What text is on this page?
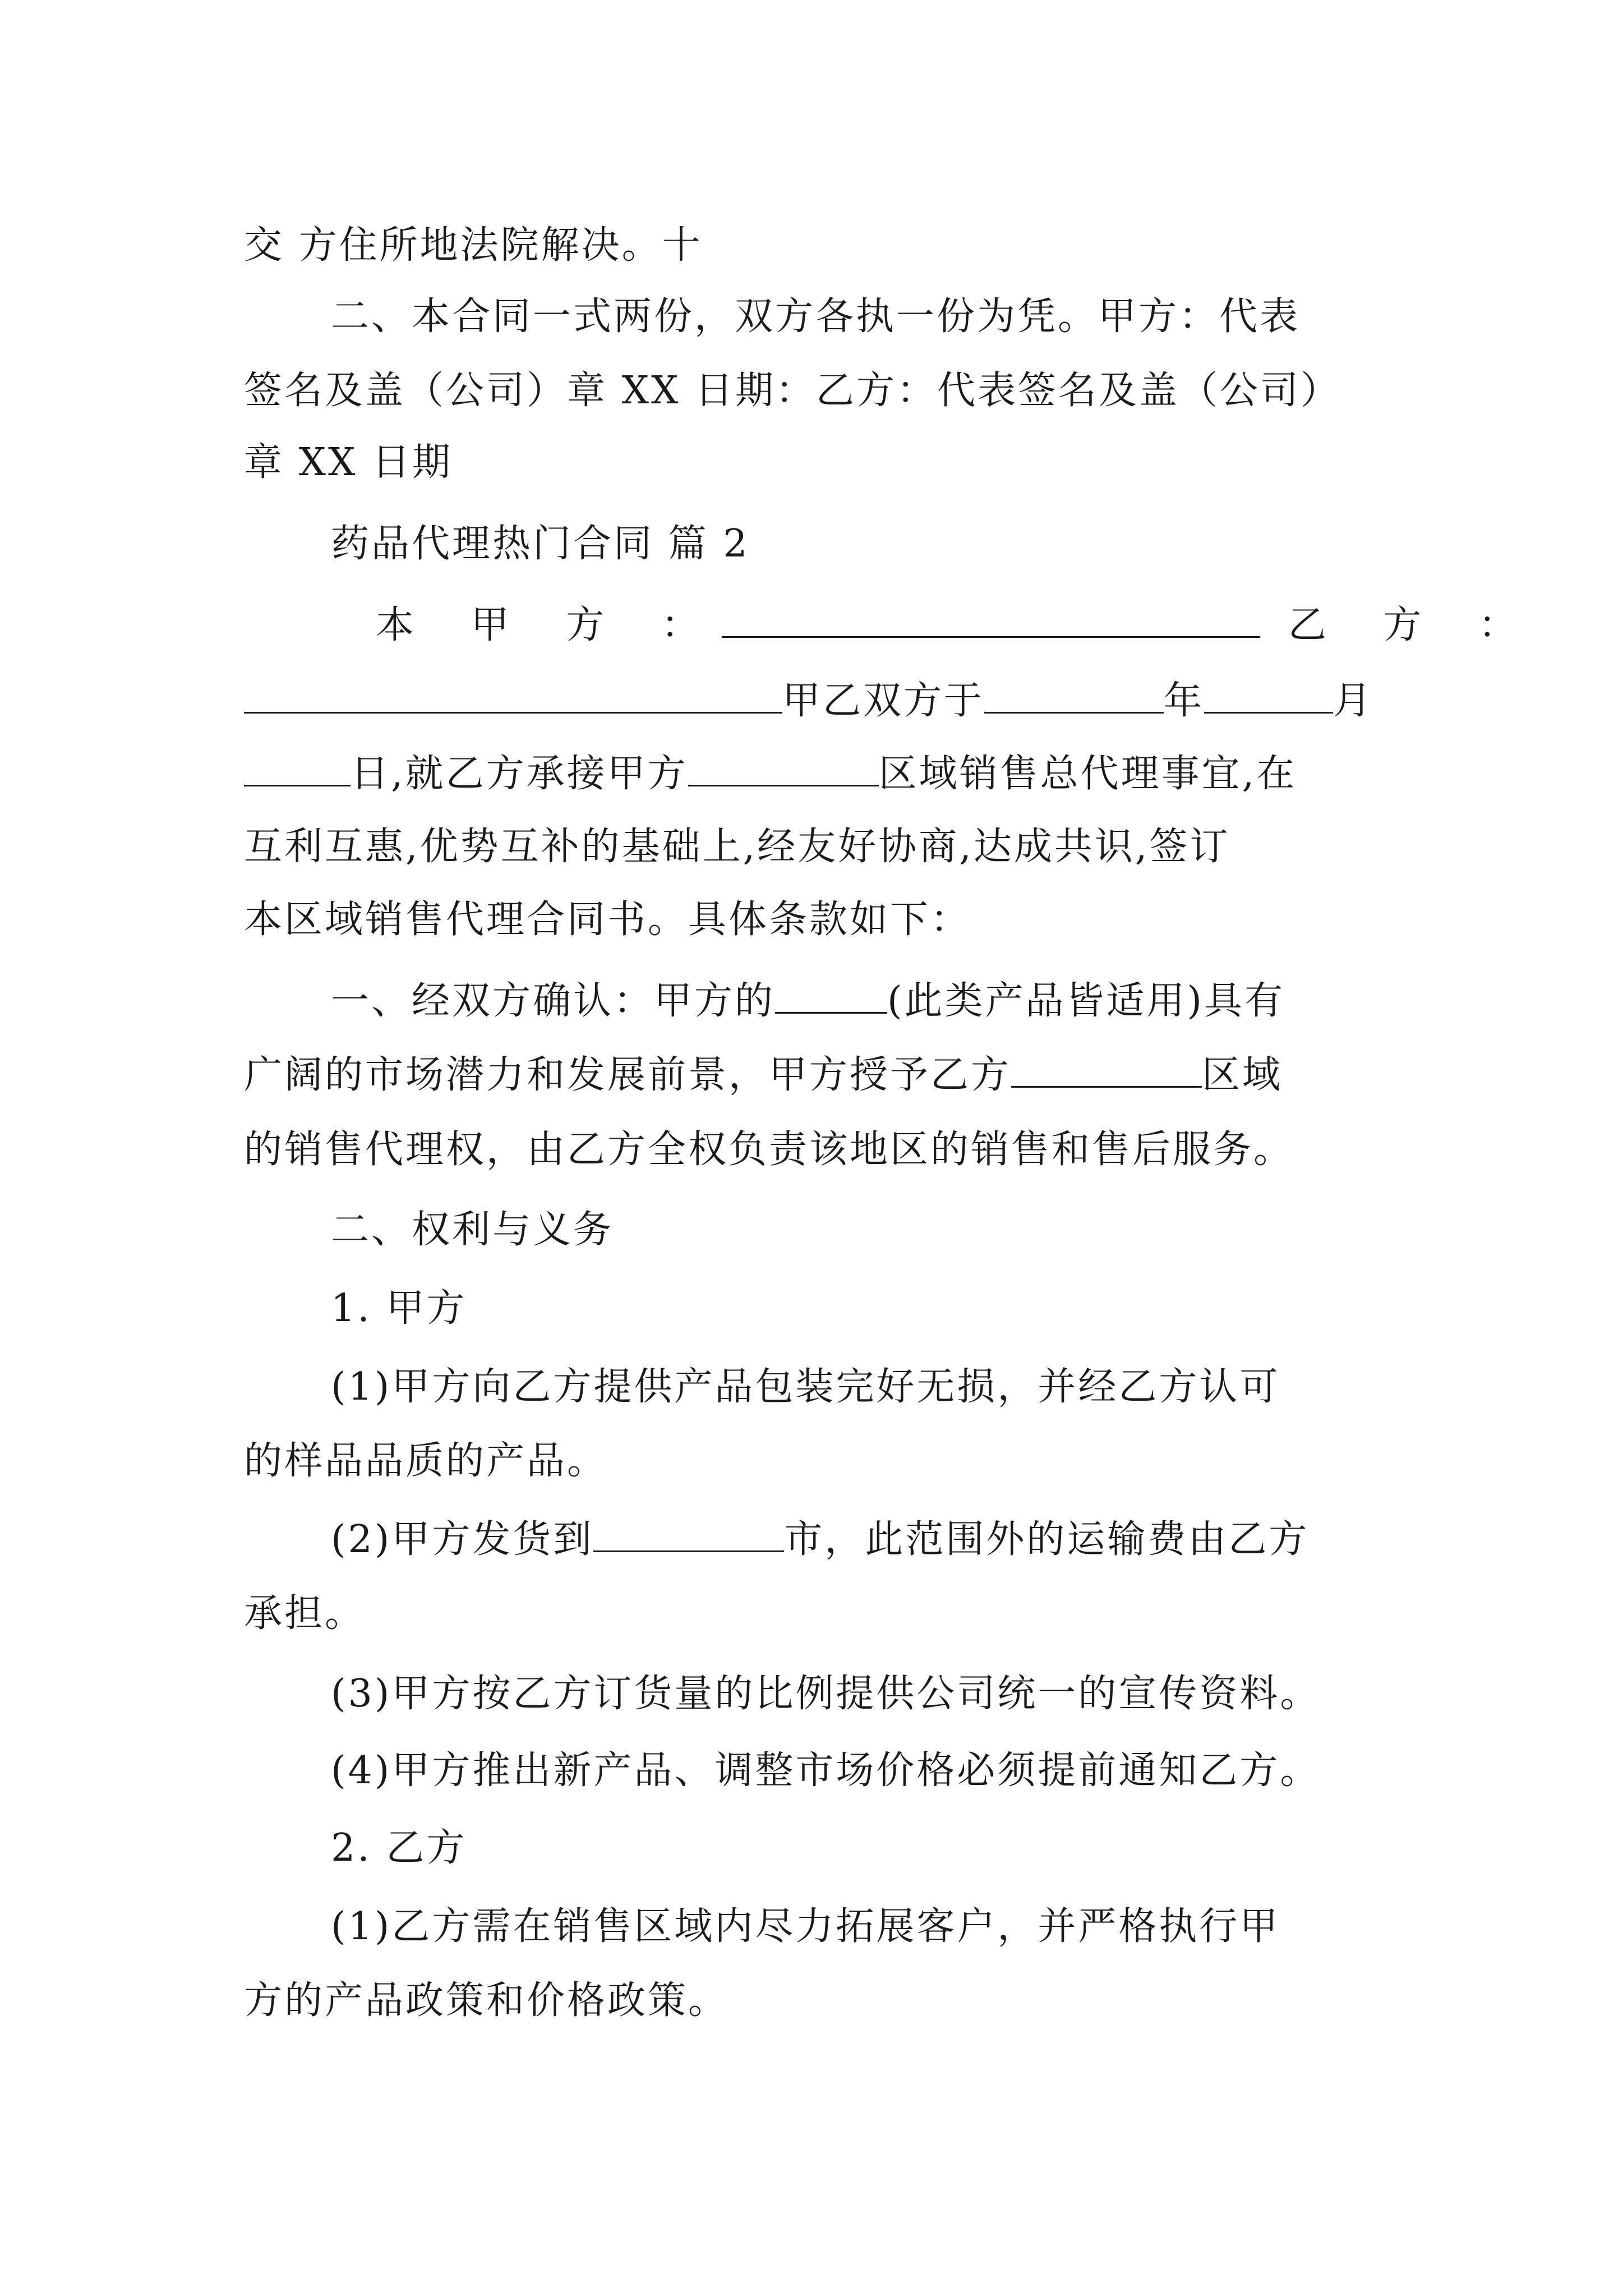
交 方住所地法院解决。十
二、本合同一式两份，双方各执一份为凭。甲方：代表
签名及盖（公司）章 XX 日期：乙方：代表签名及盖（公司）
章 XX 日期
药品代理热门合同 篇 2
本 甲 方 ：	乙 方 ：
甲乙双方于	年	月
日,就乙方承接甲方	区域销售总代理事宜,在
互利互惠,优势互补的基础上,经友好协商,达成共识,签订
本区域销售代理合同书。具体条款如下：
一、经双方确认：甲方的	(此类产品皆适用)具有
广阔的市场潜力和发展前景，甲方授予乙方	区域
的销售代理权，由乙方全权负责该地区的销售和售后服务。
二、权利与义务
1. 甲方
(1)甲方向乙方提供产品包装完好无损，并经乙方认可
的样品品质的产品。
(2)甲方发货到	市，此范围外的运输费由乙方
承担。
(3)甲方按乙方订货量的比例提供公司统一的宣传资料。
(4)甲方推出新产品、调整市场价格必须提前通知乙方。
2. 乙方
(1)乙方需在销售区域内尽力拓展客户，并严格执行甲
方的产品政策和价格政策。
